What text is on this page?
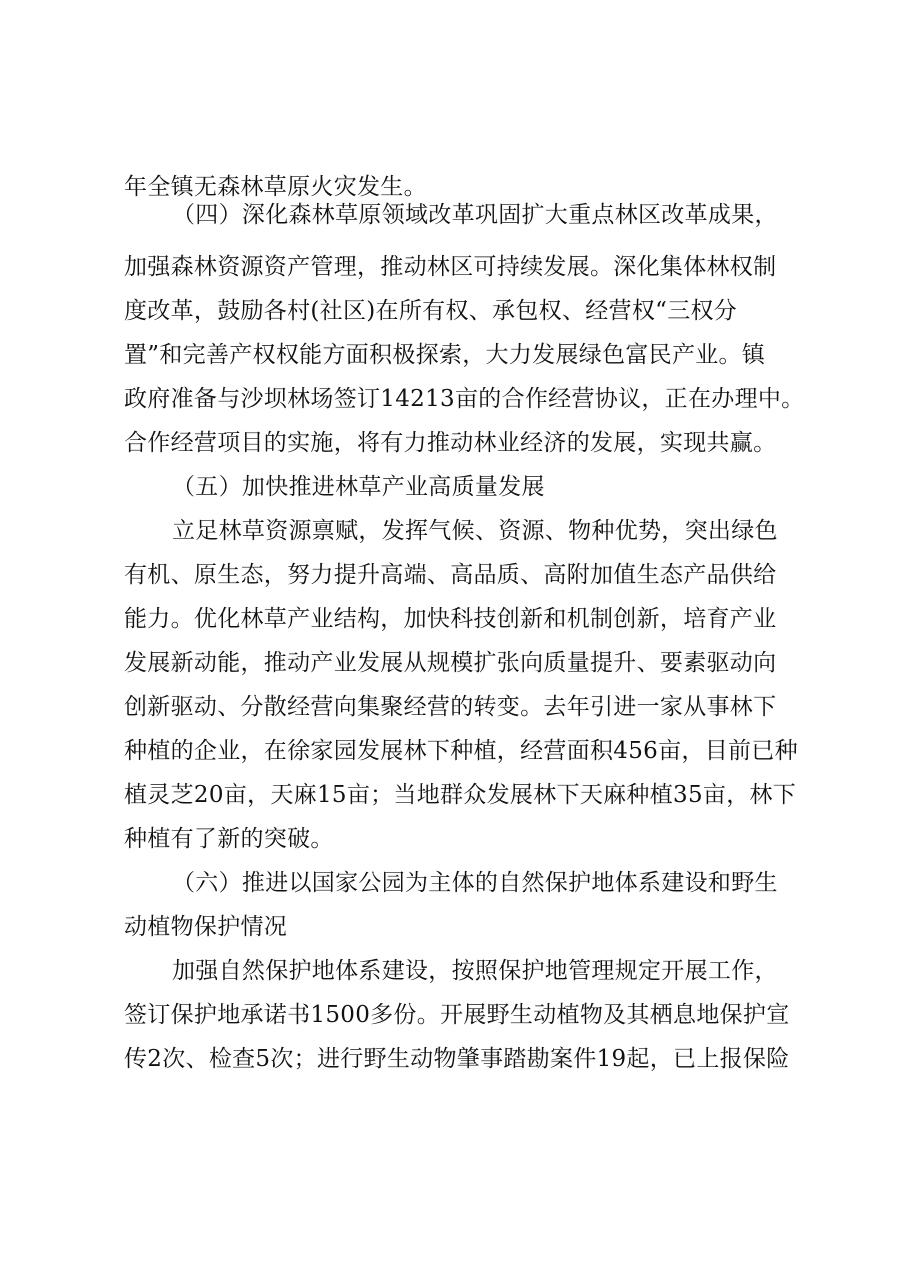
年全镇无森林草原火灾发生。
（四）深化森林草原领域改革巩固扩大重点林区改革成果，
加强森林资源资产管理，推动林区可持续发展。深化集体林权制
度改革，鼓励各村(社区)在所有权、承包权、经营权“三权分
置”和完善产权权能方面积极探索，大力发展绿色富民产业。镇
政府准备与沙坝林场签订14213亩的合作经营协议，正在办理中。
合作经营项目的实施，将有力推动林业经济的发展，实现共赢。
（五）加快推进林草产业高质量发展
立足林草资源禀赋，发挥气候、资源、物种优势，突出绿色
有机、原生态，努力提升高端、高品质、高附加值生态产品供给
能力。优化林草产业结构，加快科技创新和机制创新，培育产业
发展新动能，推动产业发展从规模扩张向质量提升、要素驱动向
创新驱动、分散经营向集聚经营的转变。去年引进一家从事林下
种植的企业，在徐家园发展林下种植，经营面积456亩，目前已种
植灵芝20亩，天麻15亩；当地群众发展林下天麻种植35亩，林下
种植有了新的突破。
（六）推进以国家公园为主体的自然保护地体系建设和野生
动植物保护情况
加强自然保护地体系建设，按照保护地管理规定开展工作，
签订保护地承诺书1500多份。开展野生动植物及其栖息地保护宣
传2次、检查5次；进行野生动物肇事踏勘案件19起，已上报保险
